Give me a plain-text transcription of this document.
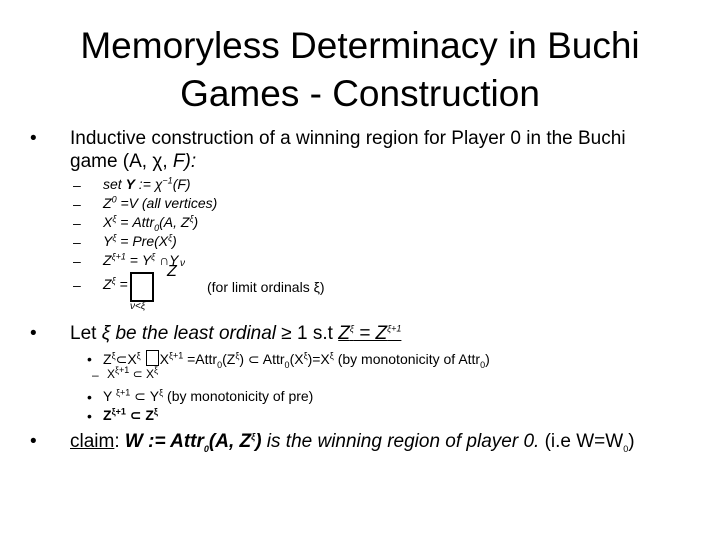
Memoryless Determinacy in Buchi
Games - Construction
• Inductive construction of a winning region for Player 0 in the Buchi
game (A, χ, F):
– set Y := $\chi^{-1}(F)$
– $Z^0 =V$ (all vertices)
– $X^\xi$ = Attr$_0$(A, $Z^\xi$)
– $Y^\xi = Pre(X^\xi)$
– $Z^{\xi+1} = Y^\xi$ ∩Y
– $Z^\xi$ =
Z ν
ν<ξ
(for limit ordinals ξ)
• Let ξ be the least ordinal ≥ 1 s.t $Z^\xi = Z^{\xi+1}$
• $Z^\xi\subset X^\xi$ $X^{\xi+1}$ $=Attr_0(Z^\xi)$ ⊂ $Attr_0(X^\xi)=X^\xi$ (by monotonicity of Attr$_0$)
– $X^{\xi+1}$ ⊂ $X^\xi$
• Y $^{\xi+1}$ ⊂ $Y^\xi$ (by monotonicity of pre)
• $Z^{\xi+1}$ ⊂ $Z^\xi$
• claim: W := Attr$_0$(A, $Z^\xi$) is the winning region of player 0. (i.e $W=W_0$)
